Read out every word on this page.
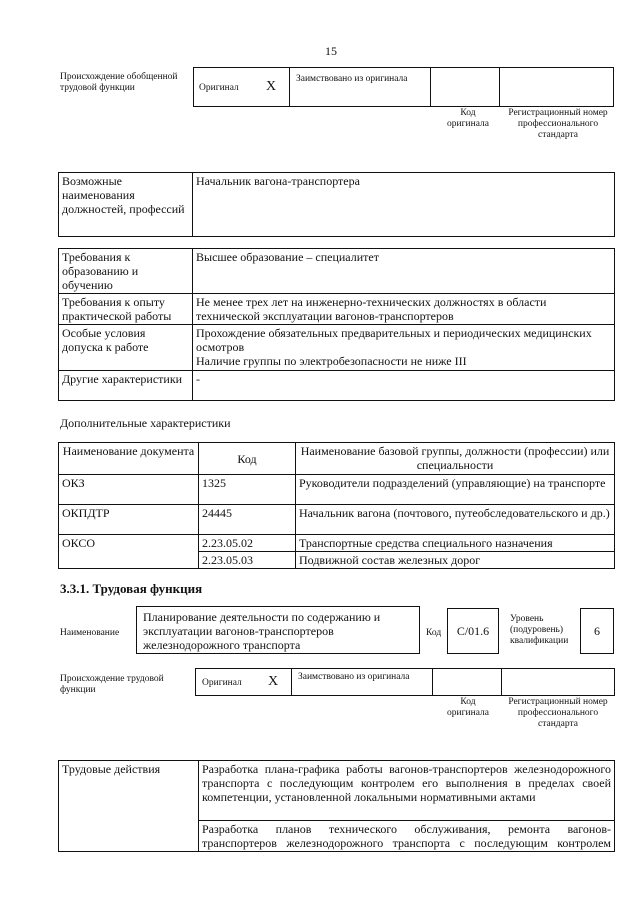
15
Происхождение обобщенной трудовой функции	Оригинал X Заимствовано из оригинала
Код оригинала
Регистрационный номер профессионального стандарта
Возможные наименования должностей, профессий	Начальник вагона-транспортера
Требования к образованию и обучению	Высшее образование – специалитет
Требования к опыту практической работы	Не менее трех лет на инженерно-технических должностях в области технической эксплуатации вагонов-транспортеров
Особые условия допуска к работе	Прохождение обязательных предварительных и периодических медицинских осмотров
Наличие группы по электробезопасности не ниже III

Другие характеристики	-
Дополнительные характеристики
Наименование документа	Код	Наименование базовой группы, должности (профессии) или специальности
ОКЗ	1325	Руководители подразделений (управляющие) на транспорте
ОКПДТР	24445	Начальник вагона (почтового, путеобследовательского и др.)
ОКСО	2.23.05.02	Транспортные средства специального назначения
	2.23.05.03	Подвижной состав железных дорог
3.3.1. Трудовая функция
Наименование
Планирование деятельности по содержанию и эксплуатации вагонов-транспортеров железнодорожного транспорта
Код	C/01.6
Уровень (подуровень) квалификации
6
Происхождение трудовой функции
Оригинал X Заимствовано из оригинала
Код оригинала
Регистрационный номер профессионального стандарта
Трудовые действия	Разработка плана-графика работы вагонов-транспортеров железнодорожного транспорта с последующим контролем его выполнения в пределах своей компетенции, установленной локальными нормативными актами
Разработка планов технического обслуживания, ремонта вагонов-транспортеров железнодорожного транспорта с последующим контролем
